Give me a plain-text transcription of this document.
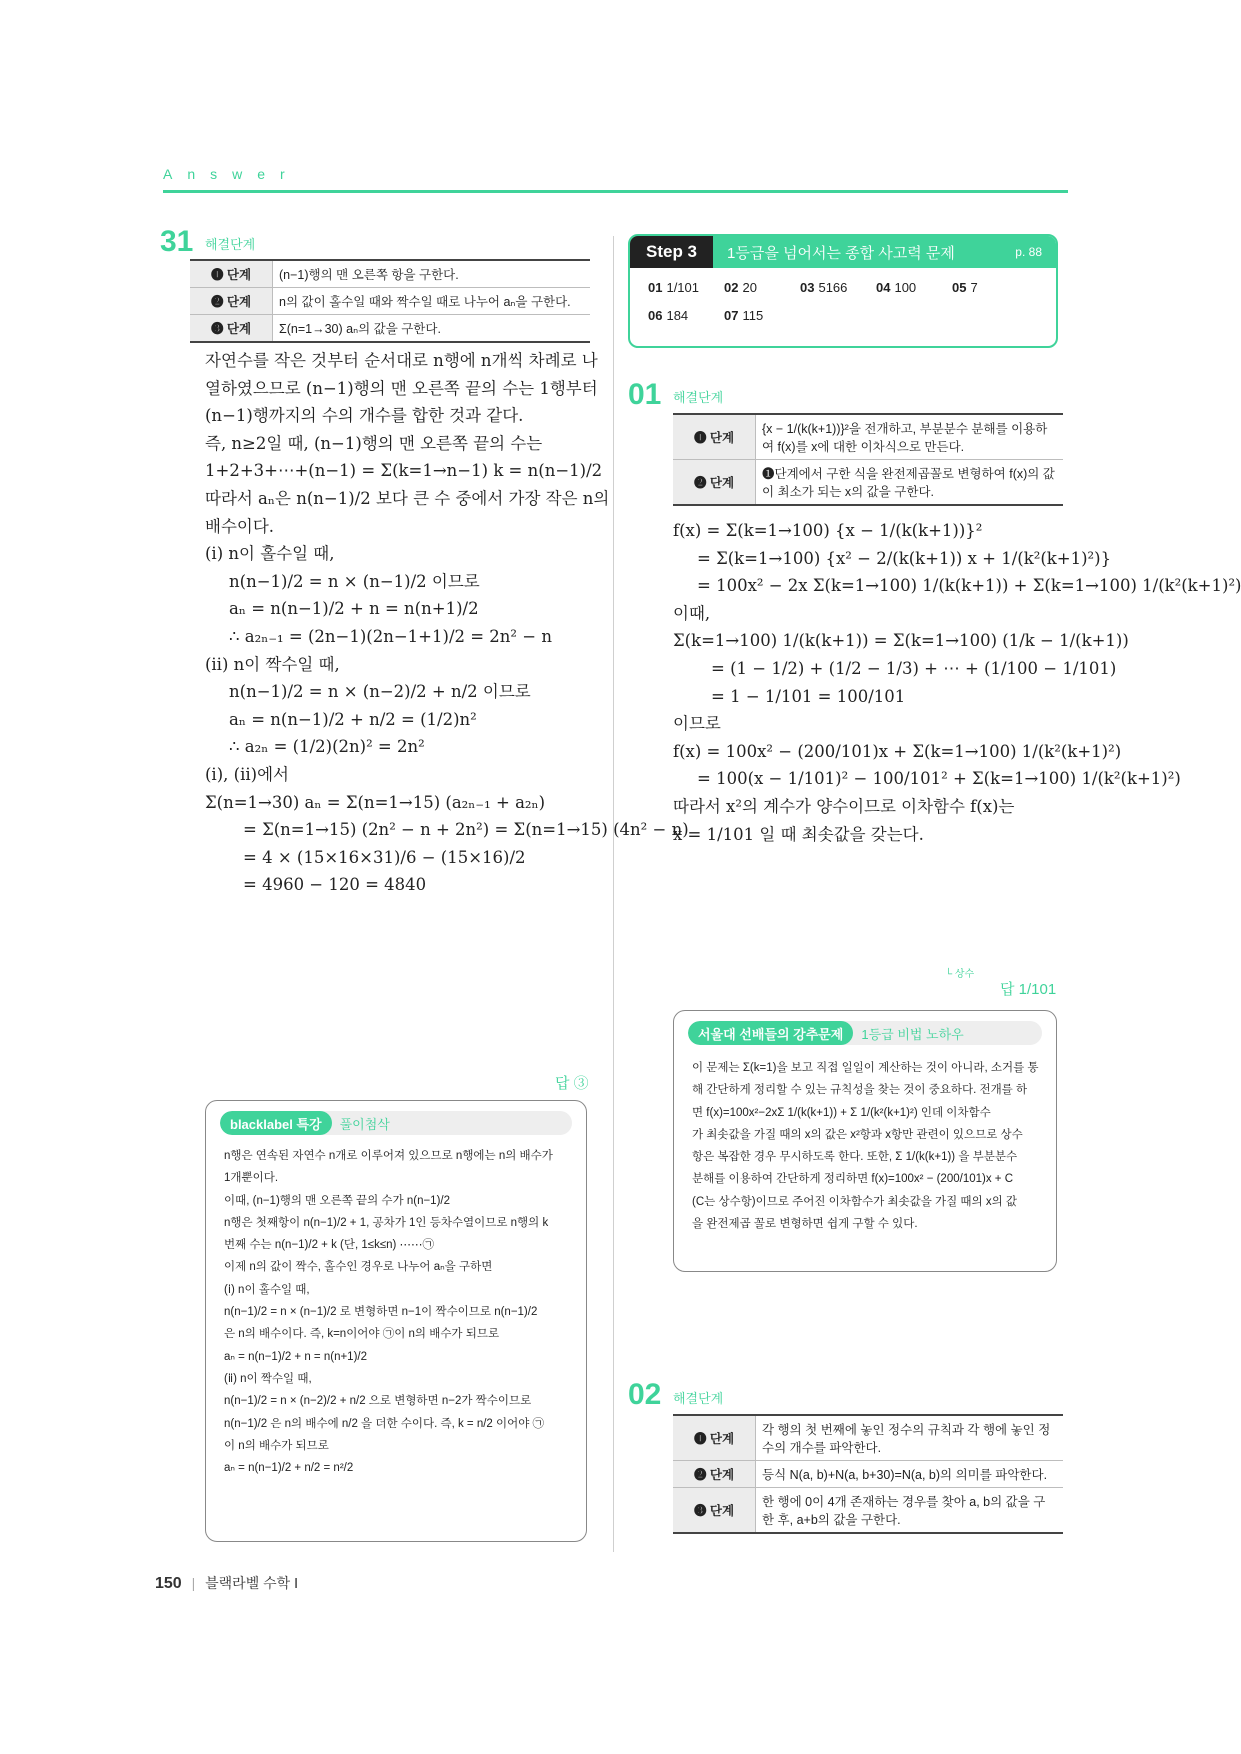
Answer
31 해결단계
❶ 단계	(n−1)행의 맨 오른쪽 항을 구한다.
❷ 단계	n의 값이 홀수일 때와 짝수일 때로 나누어 aₙ을 구한다.
❸ 단계	Σ(n=1→30) aₙ의 값을 구한다.
자연수를 작은 것부터 순서대로 n행에 n개씩 차례로 나
열하였으므로 (n−1)행의 맨 오른쪽 끝의 수는 1행부터
(n−1)행까지의 수의 개수를 합한 것과 같다.
즉, n≥2일 때, (n−1)행의 맨 오른쪽 끝의 수는
1+2+3+⋯+(n−1) = Σ(k=1→n−1) k = n(n−1)/2
따라서 aₙ은 n(n−1)/2 보다 큰 수 중에서 가장 작은 n의
배수이다.
(ⅰ) n이 홀수일 때,
n(n−1)/2 = n × (n−1)/2 이므로
aₙ = n(n−1)/2 + n = n(n+1)/2
∴ a₂ₙ₋₁ = (2n−1)(2n−1+1)/2 = 2n² − n
(ⅱ) n이 짝수일 때,
n(n−1)/2 = n × (n−2)/2 + n/2 이므로
aₙ = n(n−1)/2 + n/2 = (1/2)n²
∴ a₂ₙ = (1/2)(2n)² = 2n²
(ⅰ), (ⅱ)에서
Σ(n=1→30) aₙ = Σ(n=1→15) (a₂ₙ₋₁ + a₂ₙ)
= Σ(n=1→15) (2n² − n + 2n²) = Σ(n=1→15) (4n² − n)
= 4 × (15×16×31)/6 − (15×16)/2
= 4960 − 120 = 4840
답 ③
blacklabel 특강	풀이첨삭
n행은 연속된 자연수 n개로 이루어져 있으므로 n행에는 n의 배수가
1개뿐이다.
이때, (n−1)행의 맨 오른쪽 끝의 수가 n(n−1)/2
n행은 첫째항이 n(n−1)/2 + 1, 공차가 1인 등차수열이므로 n행의 k
번째 수는 n(n−1)/2 + k (단, 1≤k≤n) ⋯⋯㉠
이제 n의 값이 짝수, 홀수인 경우로 나누어 aₙ을 구하면
(ⅰ) n이 홀수일 때,
n(n−1)/2 = n × (n−1)/2 로 변형하면 n−1이 짝수이므로 n(n−1)/2
은 n의 배수이다. 즉, k=n이어야 ㉠이 n의 배수가 되므로
aₙ = n(n−1)/2 + n = n(n+1)/2
(ⅱ) n이 짝수일 때,
n(n−1)/2 = n × (n−2)/2 + n/2 으로 변형하면 n−2가 짝수이므로
n(n−1)/2 은 n의 배수에 n/2 을 더한 수이다. 즉, k = n/2 이어야 ㉠
이 n의 배수가 되므로
aₙ = n(n−1)/2 + n/2 = n²/2
Step 3	1등급을 넘어서는 종합 사고력 문제	p. 88
01 1/101 02 20	03 5166 04 100	05 7
06 184	07 115
01 해결단계
❶ 단계	{x − 1/(k(k+1))}²을 전개하고, 부분분수 분해를 이용하여 f(x)를 x에 대한 이차식으로 만든다.
❷ 단계	❶단계에서 구한 식을 완전제곱꼴로 변형하여 f(x)의 값이 최소가 되는 x의 값을 구한다.
f(x) = Σ(k=1→100) {x − 1/(k(k+1))}²
= Σ(k=1→100) {x² − 2/(k(k+1)) x + 1/(k²(k+1)²)}
= 100x² − 2x Σ(k=1→100) 1/(k(k+1)) + Σ(k=1→100) 1/(k²(k+1)²)
이때,
Σ(k=1→100) 1/(k(k+1)) = Σ(k=1→100) (1/k − 1/(k+1))
= (1 − 1/2) + (1/2 − 1/3) + ⋯ + (1/100 − 1/101)
= 1 − 1/101 = 100/101
이므로
f(x) = 100x² − (200/101)x + Σ(k=1→100) 1/(k²(k+1)²)
= 100(x − 1/101)² − 100/101² + Σ(k=1→100) 1/(k²(k+1)²)
따라서 x²의 계수가 양수이므로 이차함수 f(x)는
x = 1/101 일 때 최솟값을 갖는다.
└ 상수
답 1/101
서울대 선배들의 강추문제	1등급 비법 노하우
이 문제는 Σ(k=1)을 보고 직접 일일이 계산하는 것이 아니라, 소거를 통
해 간단하게 정리할 수 있는 규칙성을 찾는 것이 중요하다. 전개를 하
면 f(x)=100x²−2xΣ 1/(k(k+1)) + Σ 1/(k²(k+1)²) 인데 이차함수
가 최솟값을 가질 때의 x의 값은 x²항과 x항만 관련이 있으므로 상수
항은 복잡한 경우 무시하도록 한다. 또한, Σ 1/(k(k+1)) 을 부분분수
분해를 이용하여 간단하게 정리하면 f(x)=100x² − (200/101)x + C
(C는 상수항)이므로 주어진 이차함수가 최솟값을 가질 때의 x의 값
을 완전제곱 꼴로 변형하면 쉽게 구할 수 있다.
02 해결단계
❶ 단계	각 행의 첫 번째에 놓인 정수의 규칙과 각 행에 놓인 정수의 개수를 파악한다.
❷ 단계	등식 N(a, b)+N(a, b+30)=N(a, b)의 의미를 파악한다.
❸ 단계	한 행에 0이 4개 존재하는 경우를 찾아 a, b의 값을 구한 후, a+b의 값을 구한다.
150 | 블랙라벨 수학 Ⅰ
